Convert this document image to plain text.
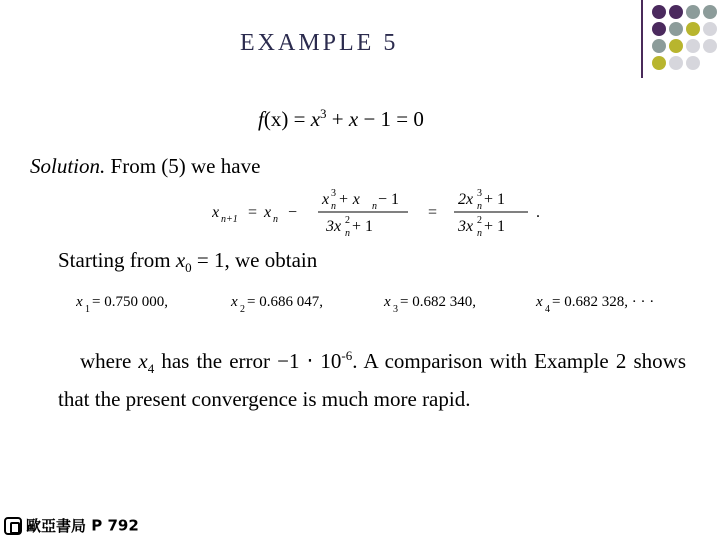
EXAMPLE 5
$f(x) = x^3 + x - 1 = 0$
Solution. From (5) we have
x n+1 = x n −
x 3
n + x n − 1
3x 2
n + 1
=
2x 3
n + 1
3x 2
n + 1
.
Starting from $x_0 = 1$, we obtain
x 1 = 0.750 000,	x 2 = 0.686 047,	x 3 = 0.682 340,	x 4 = 0.682 328, · · ·
where $x_4$ has the error −1 ‧ $10^{-6}$. A comparison with Example 2 shows that the present convergence is much more rapid.
歐亞書局 P 792
